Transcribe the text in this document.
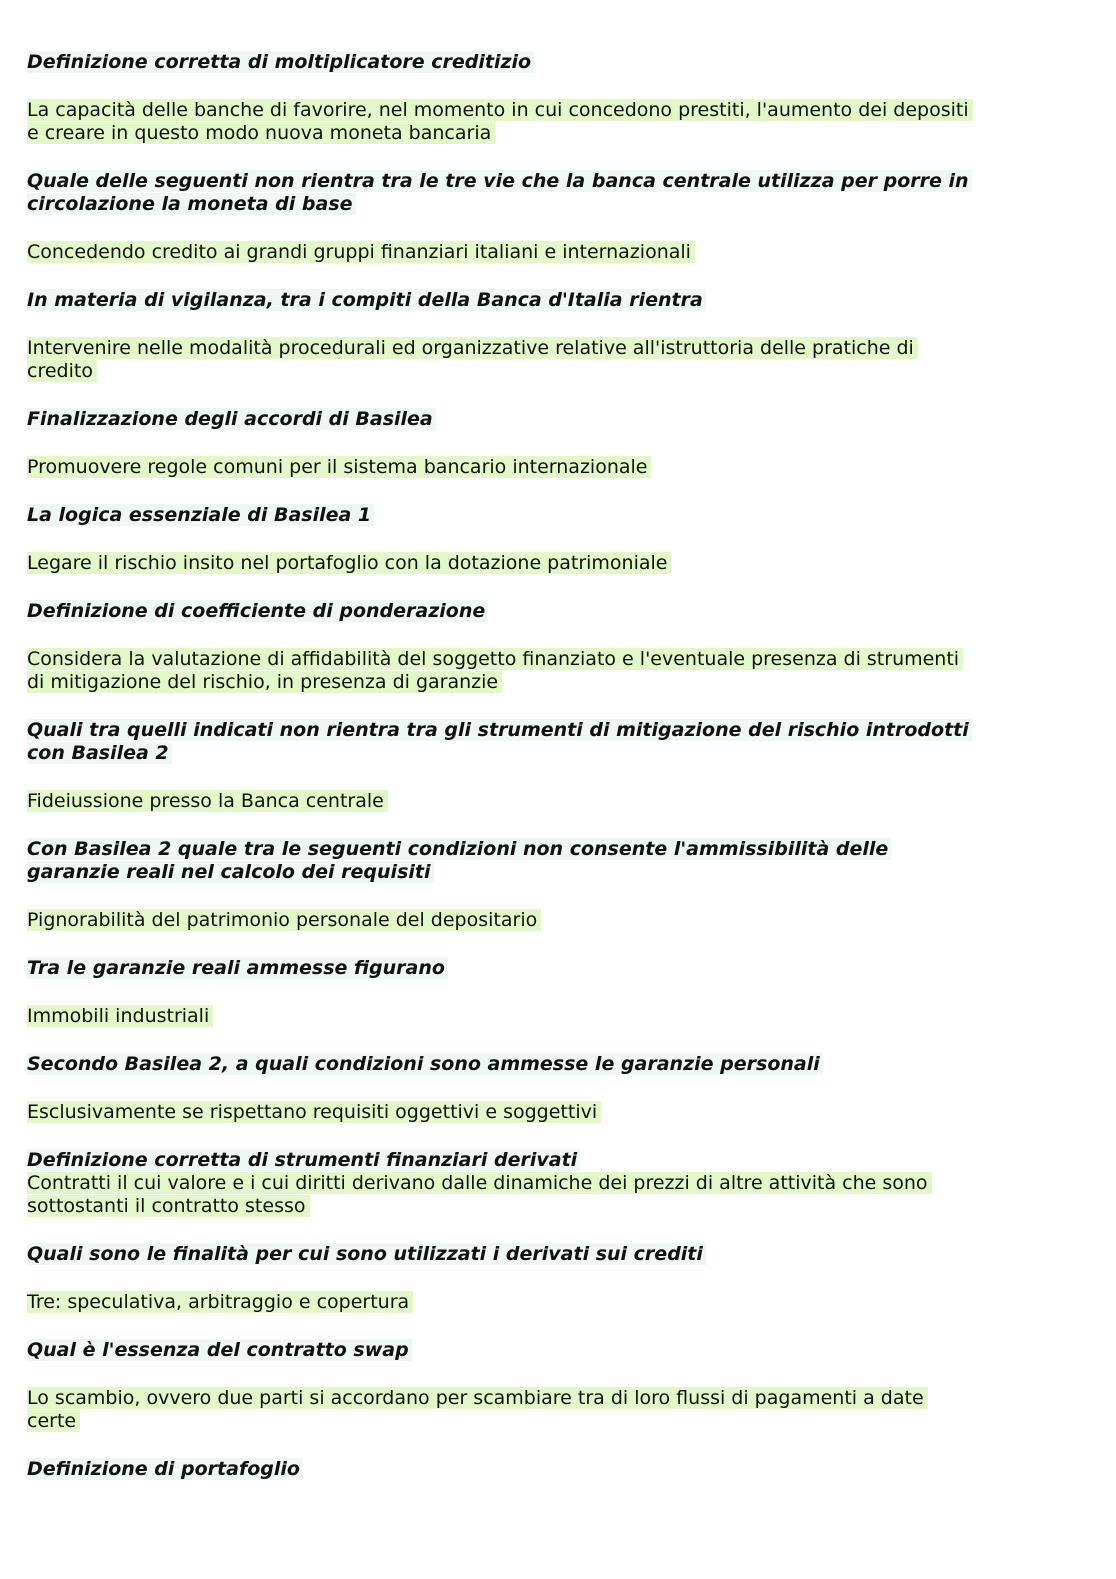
Definizione corretta di moltiplicatore creditizio
La capacità delle banche di favorire, nel momento in cui concedono prestiti, l'aumento dei depositi
e creare in questo modo nuova moneta bancaria
Quale delle seguenti non rientra tra le tre vie che la banca centrale utilizza per porre in
circolazione la moneta di base
Concedendo credito ai grandi gruppi finanziari italiani e internazionali
In materia di vigilanza, tra i compiti della Banca d'Italia rientra
Intervenire nelle modalità procedurali ed organizzative relative all'istruttoria delle pratiche di
credito
Finalizzazione degli accordi di Basilea
Promuovere regole comuni per il sistema bancario internazionale
La logica essenziale di Basilea 1
Legare il rischio insito nel portafoglio con la dotazione patrimoniale
Definizione di coefficiente di ponderazione
Considera la valutazione di affidabilità del soggetto finanziato e l'eventuale presenza di strumenti
di mitigazione del rischio, in presenza di garanzie
Quali tra quelli indicati non rientra tra gli strumenti di mitigazione del rischio introdotti
con Basilea 2
Fideiussione presso la Banca centrale
Con Basilea 2 quale tra le seguenti condizioni non consente l'ammissibilità delle
garanzie reali nel calcolo dei requisiti
Pignorabilità del patrimonio personale del depositario
Tra le garanzie reali ammesse figurano
Immobili industriali
Secondo Basilea 2, a quali condizioni sono ammesse le garanzie personali
Esclusivamente se rispettano requisiti oggettivi e soggettivi
Definizione corretta di strumenti finanziari derivati
Contratti il cui valore e i cui diritti derivano dalle dinamiche dei prezzi di altre attività che sono
sottostanti il contratto stesso
Quali sono le finalità per cui sono utilizzati i derivati sui crediti
Tre: speculativa, arbitraggio e copertura
Qual è l'essenza del contratto swap
Lo scambio, ovvero due parti si accordano per scambiare tra di loro flussi di pagamenti a date
certe
Definizione di portafoglio
